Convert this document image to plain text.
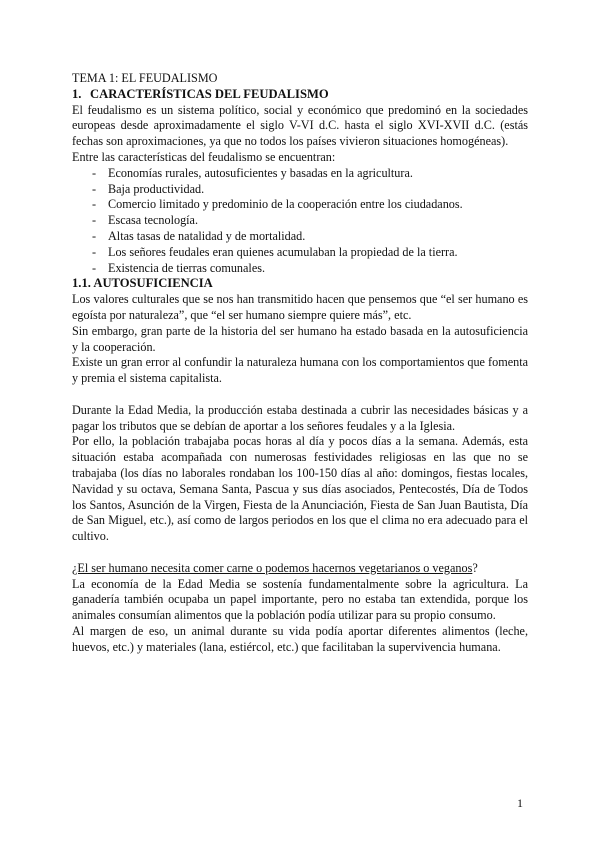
TEMA 1: EL FEUDALISMO

1. CARACTERÍSTICAS DEL FEUDALISMO

El feudalismo es un sistema político, social y económico que predominó en la sociedades europeas desde aproximadamente el siglo V-VI d.C. hasta el siglo XVI-XVII d.C. (estás fechas son aproximaciones, ya que no todos los países vivieron situaciones homogéneas).

Entre las características del feudalismo se encuentran:

- Economías rurales, autosuficientes y basadas en la agricultura.
- Baja productividad.
- Comercio limitado y predominio de la cooperación entre los ciudadanos.
- Escasa tecnología.
- Altas tasas de natalidad y de mortalidad.
- Los señores feudales eran quienes acumulaban la propiedad de la tierra.
- Existencia de tierras comunales.

1.1. AUTOSUFICIENCIA

Los valores culturales que se nos han transmitido hacen que pensemos que “el ser humano es egoísta por naturaleza”, que “el ser humano siempre quiere más”, etc.

Sin embargo, gran parte de la historia del ser humano ha estado basada en la autosuficiencia y la cooperación.

Existe un gran error al confundir la naturaleza humana con los comportamientos que fomenta y premia el sistema capitalista.

Durante la Edad Media, la producción estaba destinada a cubrir las necesidades básicas y a pagar los tributos que se debían de aportar a los señores feudales y a la Iglesia.

Por ello, la población trabajaba pocas horas al día y pocos días a la semana. Además, esta situación estaba acompañada con numerosas festividades religiosas en las que no se trabajaba (los días no laborales rondaban los 100-150 días al año: domingos, fiestas locales, Navidad y su octava, Semana Santa, Pascua y sus días asociados, Pentecostés, Día de Todos los Santos, Asunción de la Virgen, Fiesta de la Anunciación, Fiesta de San Juan Bautista, Día de San Miguel, etc.), así como de largos periodos en los que el clima no era adecuado para el cultivo.

¿El ser humano necesita comer carne o podemos hacernos vegetarianos o veganos?

La economía de la Edad Media se sostenía fundamentalmente sobre la agricultura. La ganadería también ocupaba un papel importante, pero no estaba tan extendida, porque los animales consumían alimentos que la población podía utilizar para su propio consumo.

Al margen de eso, un animal durante su vida podía aportar diferentes alimentos (leche, huevos, etc.) y materiales (lana, estiércol, etc.) que facilitaban la supervivencia humana.

1
